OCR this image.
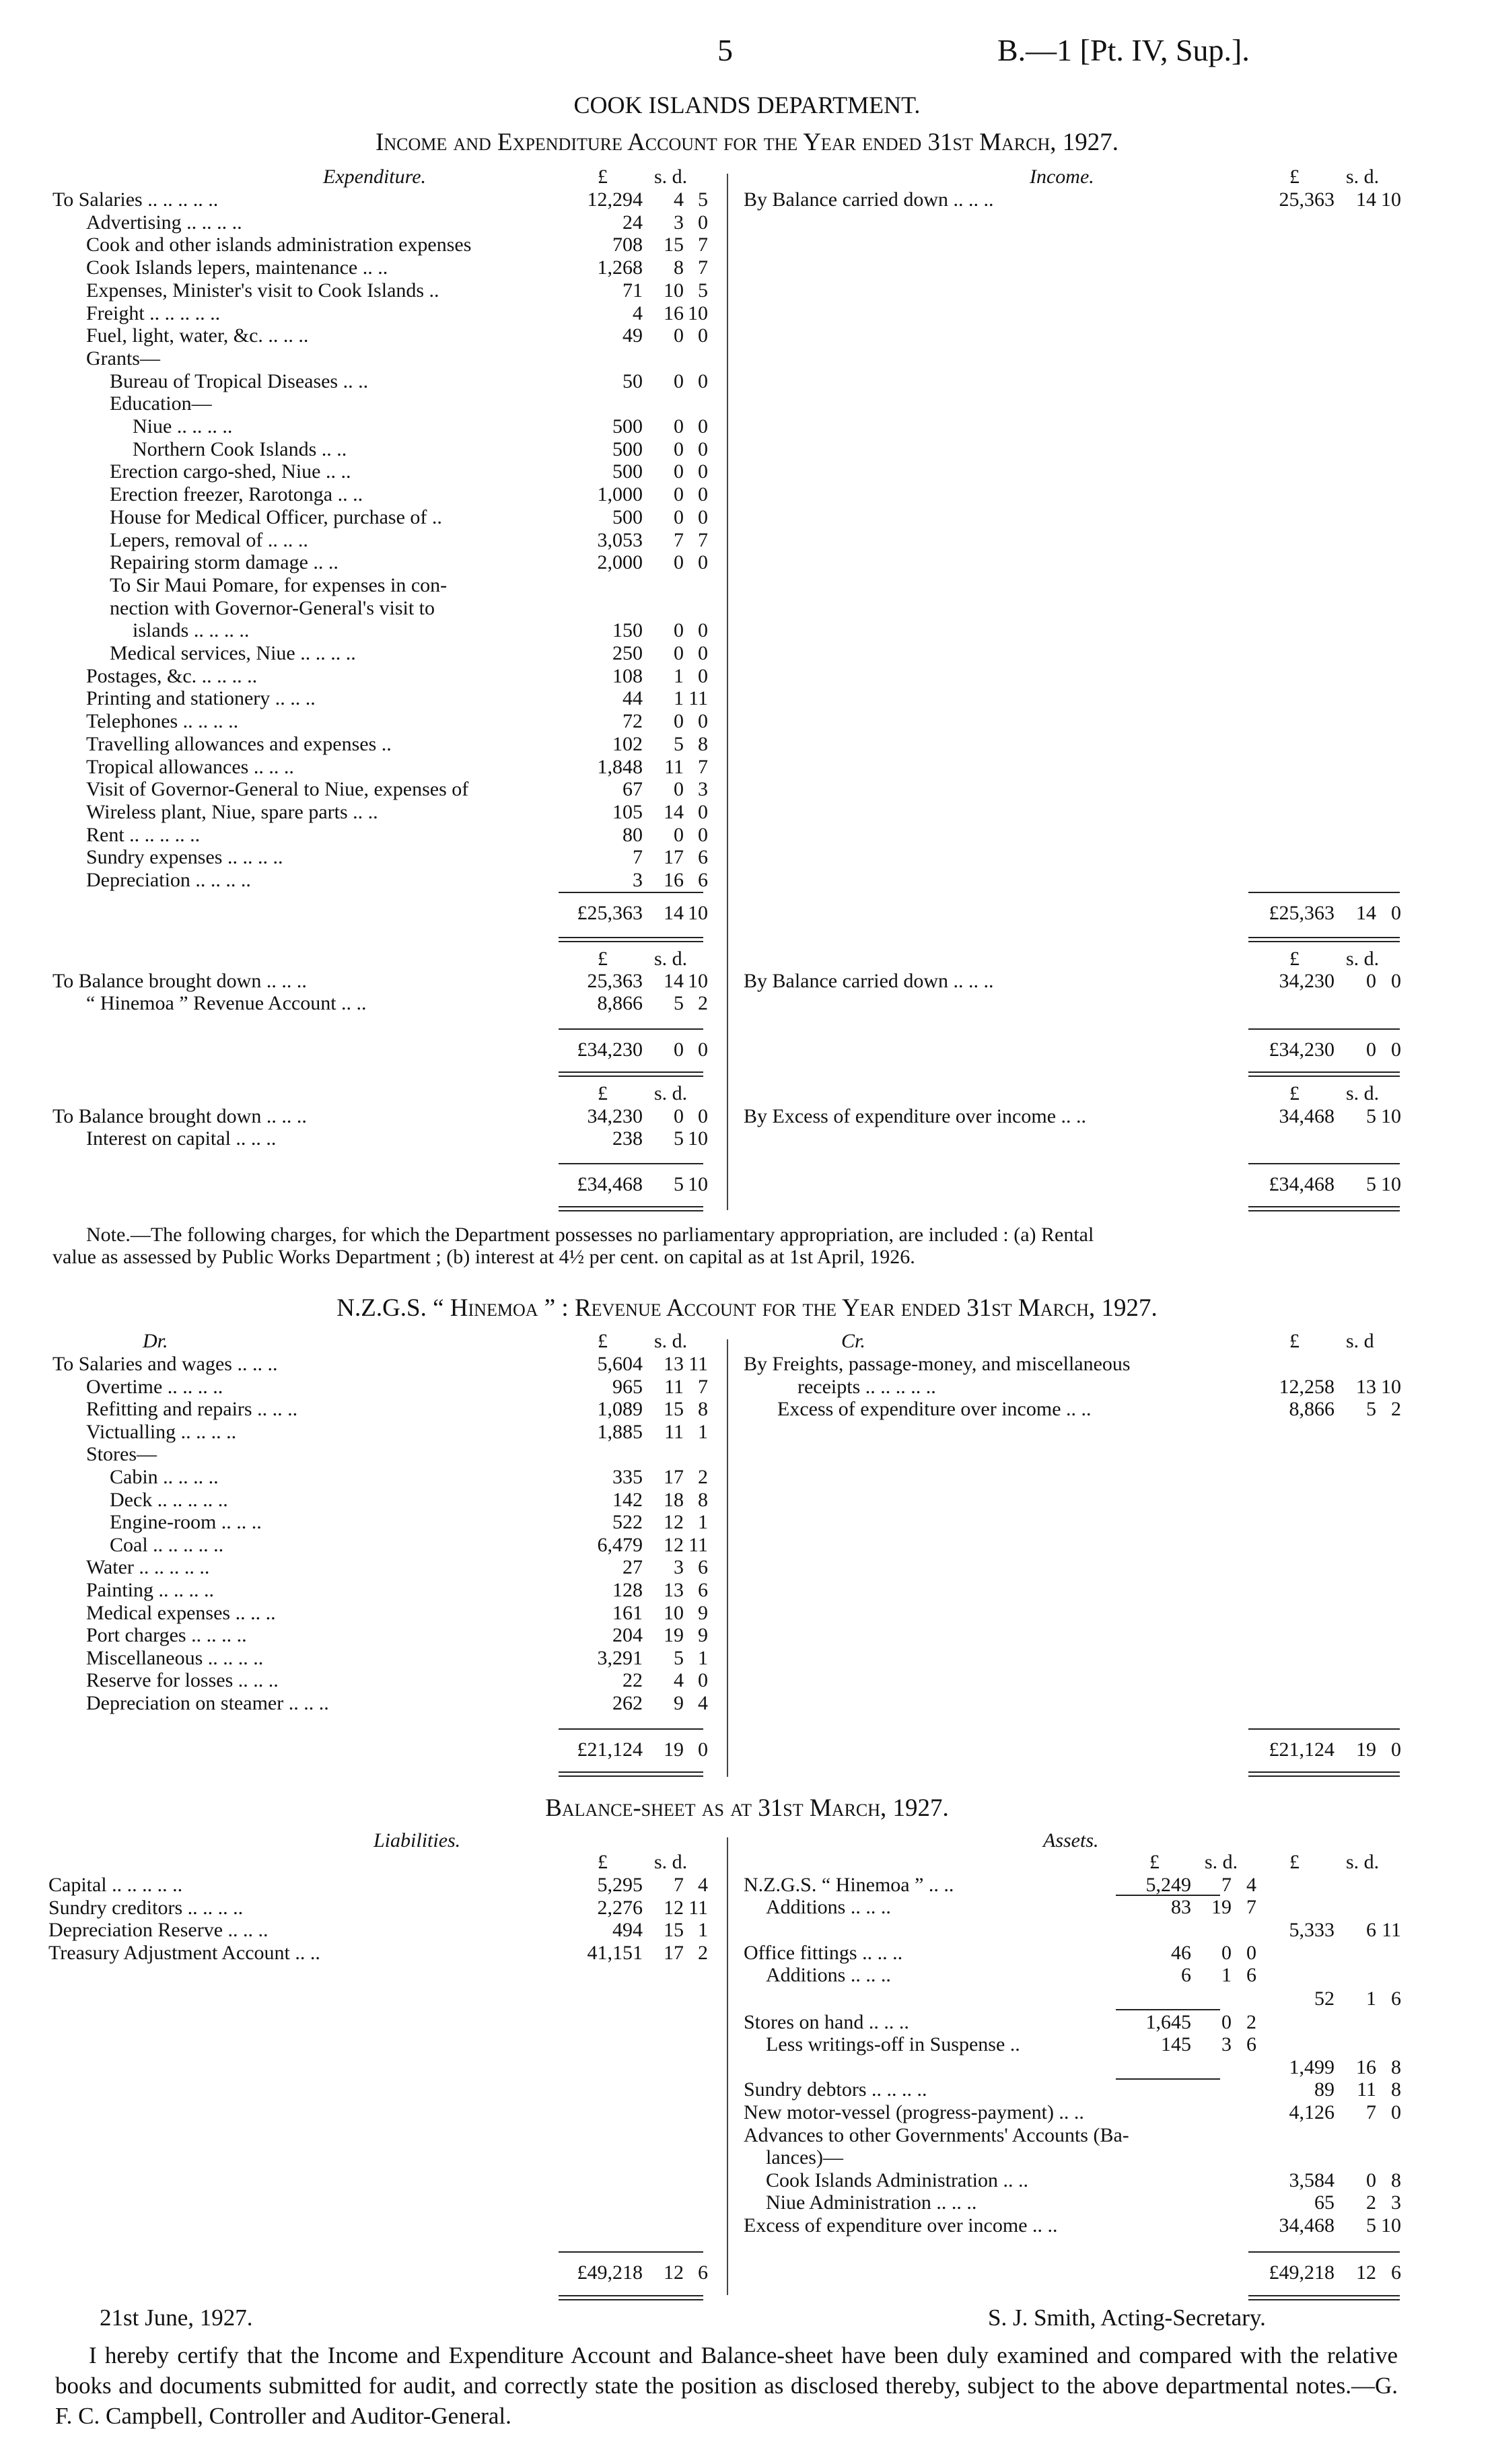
5	B.—1 [Pt. IV, Sup.].
COOK ISLANDS DEPARTMENT.
Income and Expenditure Account for the Year ended 31st March, 1927.
Expenditure.	£ s. d.	Income.	£ s. d.
To Salaries .. .. .. .. ..	12,294	4 5
Advertising .. .. .. ..	24	3 0
Cook and other islands administration expenses	708	15 7
Cook Islands lepers, maintenance .. ..	1,268	8 7
Expenses, Minister's visit to Cook Islands ..	71	10 5
Freight .. .. .. .. ..	4	16 10
Fuel, light, water, &c. .. .. ..	49	0 0
Grants—
Bureau of Tropical Diseases .. ..	50	0 0
Education—
Niue .. .. .. ..	500	0 0
Northern Cook Islands .. ..	500	0 0
Erection cargo-shed, Niue .. ..	500	0 0
Erection freezer, Rarotonga .. ..	1,000	0 0
House for Medical Officer, purchase of ..	500	0 0
Lepers, removal of .. .. ..	3,053	7 7
Repairing storm damage .. ..	2,000	0 0
To Sir Maui Pomare, for expenses in con-
nection with Governor-General's visit to
islands .. .. .. ..	150	0 0
Medical services, Niue .. .. .. ..	250	0 0
Postages, &c. .. .. .. ..	108	1 0
Printing and stationery .. .. ..	44	1 11
Telephones .. .. .. ..	72	0 0
Travelling allowances and expenses ..	102	5 8
Tropical allowances .. .. ..	1,848	11 7
Visit of Governor-General to Niue, expenses of	67	0 3
Wireless plant, Niue, spare parts .. ..	105	14 0
Rent .. .. .. .. ..	80	0 0
Sundry expenses .. .. .. ..	7	17 6
Depreciation .. .. .. ..	3	16 6
By Balance carried down .. .. ..	25,363	14 10
£25,363	14 10	£25,363	14 0
£ s. d.	£ s. d.
To Balance brought down .. .. ..	25,363	14 10
“ Hinemoa ” Revenue Account .. ..	8,866	5 2
By Balance carried down .. .. ..	34,230	0 0
£34,230	0 0	£34,230	0 0
£ s. d.	£ s. d.
To Balance brought down .. .. ..	34,230	0 0
Interest on capital .. .. ..	238	5 10
By Excess of expenditure over income .. ..	34,468	5 10
£34,468	5 10	£34,468	5 10
Note.—The following charges, for which the Department possesses no parliamentary appropriation, are included : (a) Rental
value as assessed by Public Works Department ; (b) interest at 4½ per cent. on capital as at 1st April, 1926.
N.Z.G.S. “ Hinemoa ” : Revenue Account for the Year ended 31st March, 1927.
Dr.	£ s. d.	Cr.	£ s. d
To Salaries and wages .. .. ..	5,604	13 11
Overtime .. .. .. ..	965	11 7
Refitting and repairs .. .. ..	1,089	15 8
Victualling .. .. .. ..	1,885	11 1
Stores—
Cabin .. .. .. ..	335	17 2
Deck .. .. .. .. ..	142	18 8
Engine-room .. .. ..	522	12 1
Coal .. .. .. .. ..	6,479	12 11
Water .. .. .. .. ..	27	3 6
Painting .. .. .. ..	128	13 6
Medical expenses .. .. ..	161	10 9
Port charges .. .. .. ..	204	19 9
Miscellaneous .. .. .. ..	3,291	5 1
Reserve for losses .. .. ..	22	4 0
Depreciation on steamer .. .. ..	262	9 4
By Freights, passage-money, and miscellaneous
receipts .. .. .. .. ..	12,258	13 10
Excess of expenditure over income .. ..	8,866	5 2
£21,124	19 0	£21,124	19 0
Balance-sheet as at 31st March, 1927.
Liabilities.	Assets.
£ s. d.	£ s. d.	£ s. d.
Capital .. .. .. .. ..	5,295	7 4
Sundry creditors .. .. .. ..	2,276	12 11
Depreciation Reserve .. .. ..	494	15 1
Treasury Adjustment Account .. ..	41,151	17 2
N.Z.G.S. “ Hinemoa ” .. ..	5,249	7 4
Additions .. .. ..	83	19 7
5,333	6 11
Office fittings .. .. ..	46	0 0
Additions .. .. ..	6	1 6
52	1 6
Stores on hand .. .. ..	1,645	0 2
Less writings-off in Suspense ..	145	3 6
1,499	16 8
Sundry debtors .. .. .. ..	89	11 8
New motor-vessel (progress-payment) .. ..	4,126	7 0
Advances to other Governments' Accounts (Ba-
lances)—
Cook Islands Administration .. ..	3,584	0 8
Niue Administration .. .. ..	65	2 3
Excess of expenditure over income .. ..	34,468	5 10
£49,218	12 6	£49,218	12 6
21st June, 1927.	S. J. Smith, Acting-Secretary.
I hereby certify that the Income and Expenditure Account and Balance-sheet have been duly examined and compared with the relative books and documents submitted for audit, and correctly state the position as disclosed thereby, subject to the above departmental notes.—G. F. C. Campbell, Controller and Auditor-General.
